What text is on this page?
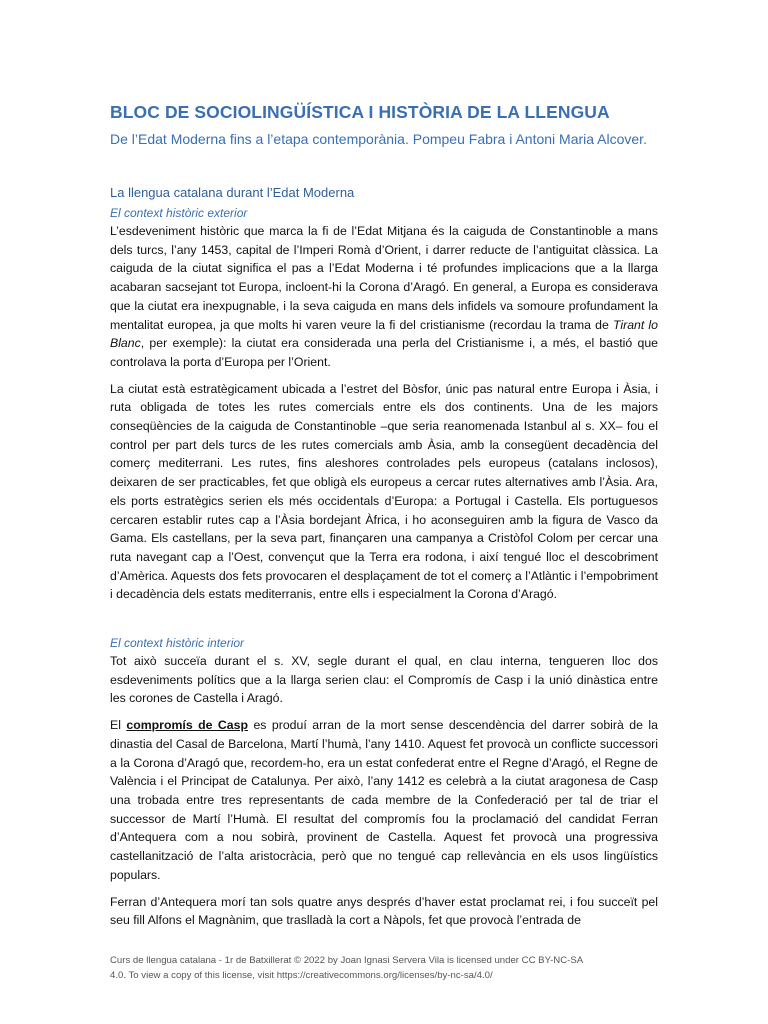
BLOC DE SOCIOLINGÜÍSTICA I HISTÒRIA DE LA LLENGUA
De l’Edat Moderna fins a l’etapa contemporània. Pompeu Fabra i Antoni Maria Alcover.
La llengua catalana durant l’Edat Moderna
El context històric exterior

L’esdeveniment històric que marca la fi de l’Edat Mitjana és la caiguda de Constantinoble a mans dels turcs, l’any 1453, capital de l’Imperi Romà d’Orient, i darrer reducte de l’antiguitat clàssica. La caiguda de la ciutat significa el pas a l’Edat Moderna i té profundes implicacions que a la llarga acabaran sacsejant tot Europa, incloent-hi la Corona d’Aragó. En general, a Europa es considerava que la ciutat era inexpugnable, i la seva caiguda en mans dels infidels va somoure profundament la mentalitat europea, ja que molts hi varen veure la fi del cristianisme (recordau la trama de Tirant lo Blanc, per exemple): la ciutat era considerada una perla del Cristianisme i, a més, el bastió que controlava la porta d’Europa per l’Orient.

La ciutat està estratègicament ubicada a l’estret del Bòsfor, únic pas natural entre Europa i Àsia, i ruta obligada de totes les rutes comercials entre els dos continents. Una de les majors conseqüències de la caiguda de Constantinoble –que seria reanomenada Istanbul al s. XX– fou el control per part dels turcs de les rutes comercials amb Àsia, amb la consegüent decadència del comerç mediterrani. Les rutes, fins aleshores controlades pels europeus (catalans inclosos), deixaren de ser practicables, fet que obligà els europeus a cercar rutes alternatives amb l’Àsia. Ara, els ports estratègics serien els més occidentals d’Europa: a Portugal i Castella. Els portuguesos cercaren establir rutes cap a l’Àsia bordejant Àfrica, i ho aconseguiren amb la figura de Vasco da Gama. Els castellans, per la seva part, finançaren una campanya a Cristòfol Colom per cercar una ruta navegant cap a l’Oest, convençut que la Terra era rodona, i així tengué lloc el descobriment d’Amèrica. Aquests dos fets provocaren el desplaçament de tot el comerç a l’Atlàntic i l’empobriment i decadència dels estats mediterranis, entre ells i especialment la Corona d’Aragó.

El context històric interior

Tot això succeïa durant el s. XV, segle durant el qual, en clau interna, tengueren lloc dos esdeveniments polítics que a la llarga serien clau: el Compromís de Casp i la unió dinàstica entre les corones de Castella i Aragó.

El compromís de Casp es produí arran de la mort sense descendència del darrer sobirà de la dinastia del Casal de Barcelona, Martí l’humà, l’any 1410. Aquest fet provocà un conflicte successori a la Corona d’Aragó que, recordem-ho, era un estat confederat entre el Regne d’Aragó, el Regne de València i el Principat de Catalunya. Per això, l’any 1412 es celebrà a la ciutat aragonesa de Casp una trobada entre tres representants de cada membre de la Confederació per tal de triar el successor de Martí l’Humà. El resultat del compromís fou la proclamació del candidat Ferran d’Antequera com a nou sobirà, provinent de Castella. Aquest fet provocà una progressiva castellanització de l’alta aristocràcia, però que no tengué cap rellevància en els usos lingüístics populars.

Ferran d’Antequera morí tan sols quatre anys després d’haver estat proclamat rei, i fou succeït pel seu fill Alfons el Magnànim, que traslladà la cort a Nàpols, fet que provocà l’entrada de

Curs de llengua catalana - 1r de Batxillerat © 2022 by Joan Ignasi Servera Vila is licensed under CC BY-NC-SA
4.0. To view a copy of this license, visit https://creativecommons.org/licenses/by-nc-sa/4.0/
